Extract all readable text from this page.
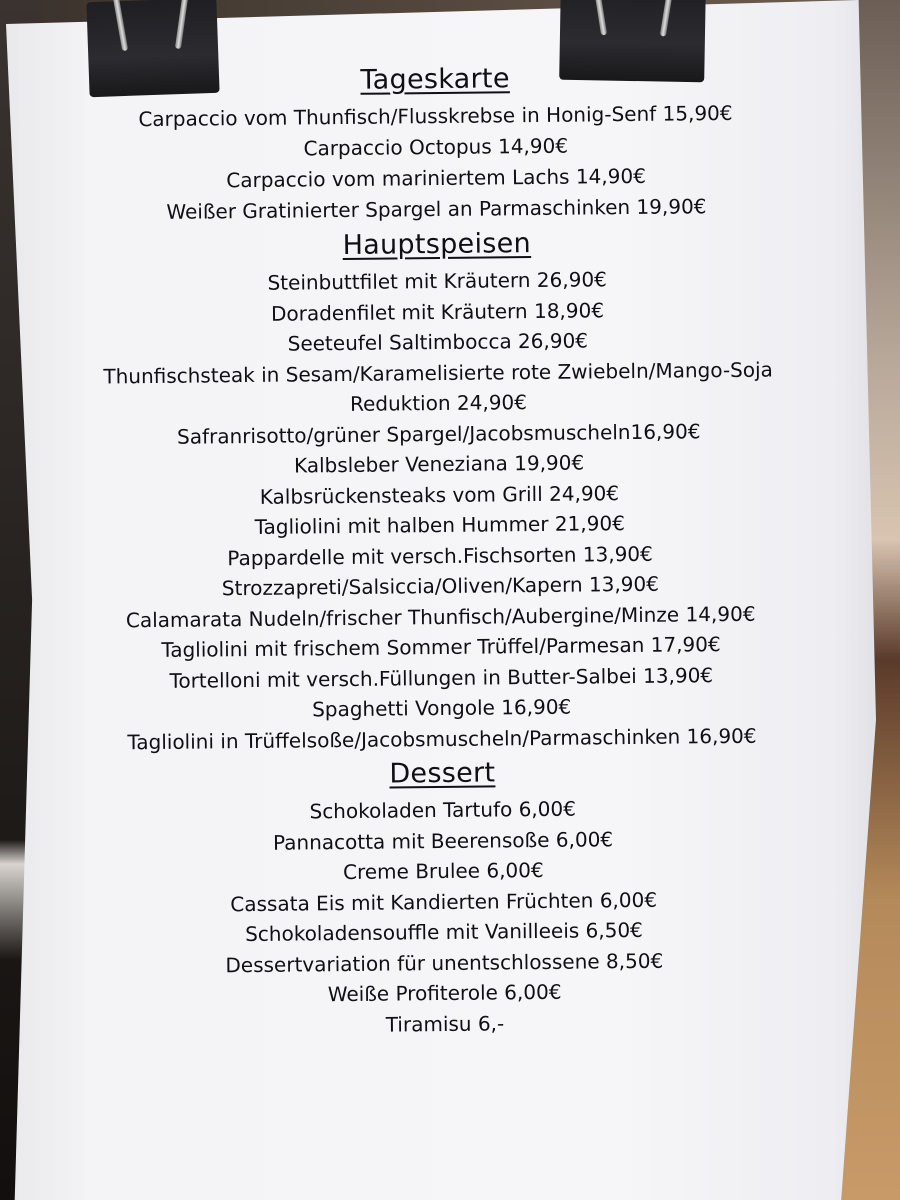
Tageskarte
Carpaccio vom Thunfisch/Flusskrebse in Honig-Senf 15,90€
Carpaccio Octopus 14,90€
Carpaccio vom mariniertem Lachs 14,90€
Weißer Gratinierter Spargel an Parmaschinken 19,90€
Hauptspeisen
Steinbuttfilet mit Kräutern 26,90€
Doradenfilet mit Kräutern 18,90€
Seeteufel Saltimbocca 26,90€
Thunfischsteak in Sesam/Karamelisierte rote Zwiebeln/Mango-Soja
Reduktion 24,90€
Safranrisotto/grüner Spargel/Jacobsmuscheln16,90€
Kalbsleber Veneziana 19,90€
Kalbsrückensteaks vom Grill 24,90€
Tagliolini mit halben Hummer 21,90€
Pappardelle mit versch.Fischsorten 13,90€
Strozzapreti/Salsiccia/Oliven/Kapern 13,90€
Calamarata Nudeln/frischer Thunfisch/Aubergine/Minze 14,90€
Tagliolini mit frischem Sommer Trüffel/Parmesan 17,90€
Tortelloni mit versch.Füllungen in Butter-Salbei 13,90€
Spaghetti Vongole 16,90€
Tagliolini in Trüffelsoße/Jacobsmuscheln/Parmaschinken 16,90€
Dessert
Schokoladen Tartufo 6,00€
Pannacotta mit Beerensoße 6,00€
Creme Brulee 6,00€
Cassata Eis mit Kandierten Früchten 6,00€
Schokoladensouffle mit Vanilleeis 6,50€
Dessertvariation für unentschlossene 8,50€
Weiße Profiterole 6,00€
Tiramisu 6,-
